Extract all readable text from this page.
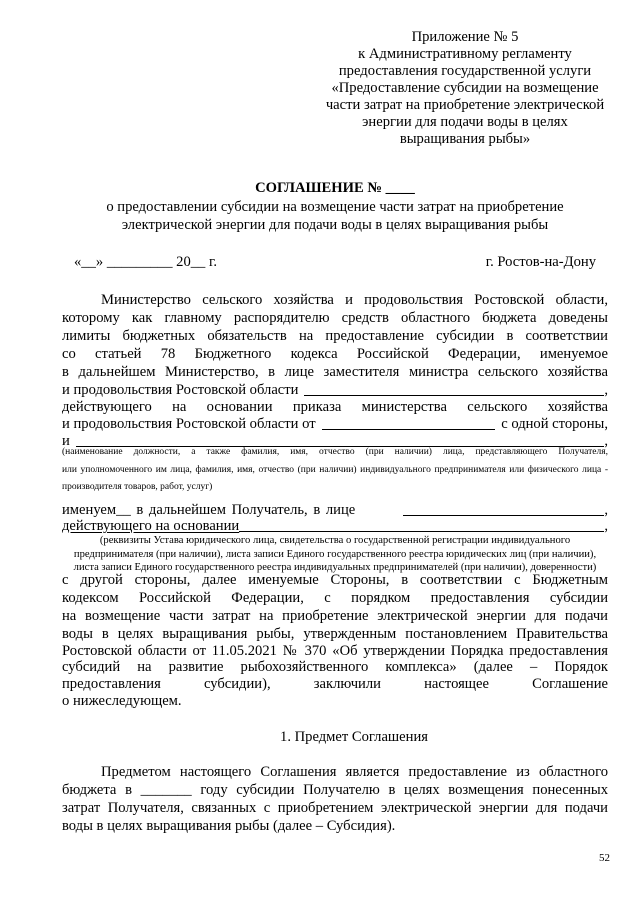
Приложение № 5
к Административному регламенту
предоставления государственной услуги
«Предоставление субсидии на возмещение
части затрат на приобретение электрической
энергии для подачи воды в целях
выращивания рыбы»
СОГЛАШЕНИЕ № ____
о предоставлении субсидии на возмещение части затрат на приобретение
электрической энергии для подачи воды в целях выращивания рыбы
«__» _________ 20__ г.	г. Ростов-на-Дону
Министерство сельского хозяйства и продовольствия Ростовской области,
которому как главному распорядителю средств областного бюджета доведены
лимиты бюджетных обязательств на предоставление субсидии в соответствии
со статьей 78 Бюджетного кодекса Российской Федерации, именуемое
в дальнейшем Министерство, в лице заместителя министра сельского хозяйства
и продовольствия Ростовской области	,
действующего на основании приказа министерства сельского хозяйства
и продовольствия Ростовской области от	с одной стороны,
и	,
(наименование должности, а также фамилия, имя, отчество (при наличии) лица, представляющего Получателя,
или уполномоченного им лица, фамилия, имя, отчество (при наличии) индивидуального предпринимателя или физического лица -
производителя товаров, работ, услуг)
именуем__ в дальнейшем Получатель, в лице	,
действующего на основании	,
(реквизиты Устава юридического лица, свидетельства о государственной регистрации индивидуального
предпринимателя (при наличии), листа записи Единого государственного реестра юридических лиц (при наличии),
листа записи Единого государственного реестра индивидуальных предпринимателей (при наличии), доверенности)
с другой стороны, далее именуемые Стороны, в соответствии с Бюджетным
кодексом Российской Федерации, с порядком предоставления субсидии
на возмещение части затрат на приобретение электрической энергии для подачи
воды в целях выращивания рыбы, утвержденным постановлением Правительства
Ростовской области от 11.05.2021 № 370 «Об утверждении Порядка предоставления
субсидий на развитие рыбохозяйственного комплекса» (далее – Порядок
предоставления субсидии), заключили настоящее Соглашение
о нижеследующем.
1. Предмет Соглашения
Предметом настоящего Соглашения является предоставление из областного
бюджета в _______ году субсидии Получателю в целях возмещения понесенных
затрат Получателя, связанных с приобретением электрической энергии для подачи
воды в целях выращивания рыбы (далее – Субсидия).
52
